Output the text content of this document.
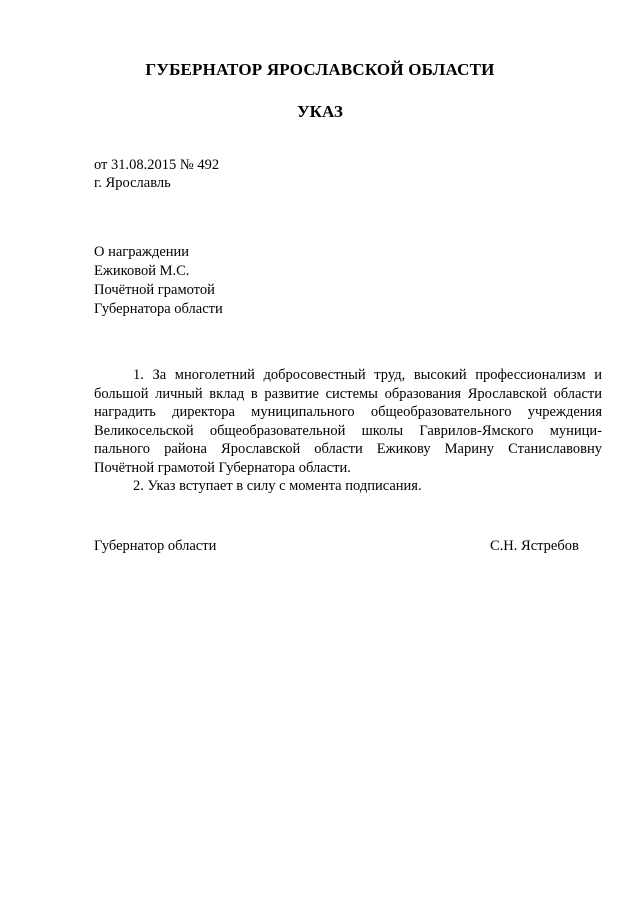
ГУБЕРНАТОР ЯРОСЛАВСКОЙ ОБЛАСТИ
УКАЗ
от 31.08.2015 № 492
г. Ярославль
О награждении
Ежиковой М.С.
Почётной грамотой
Губернатора области

1. За многолетний добросовестный труд, высокий профессионализм и большой личный вклад в развитие системы образования Ярославской области наградить директора муниципального общеобразовательного учреждения Великосельской общеобразовательной школы Гаврилов-Ямского муници-пального района Ярославской области Ежикову Марину Станиславовну Почётной грамотой Губернатора области.

2. Указ вступает в силу с момента подписания.

Губернатор области	С.Н. Ястребов
